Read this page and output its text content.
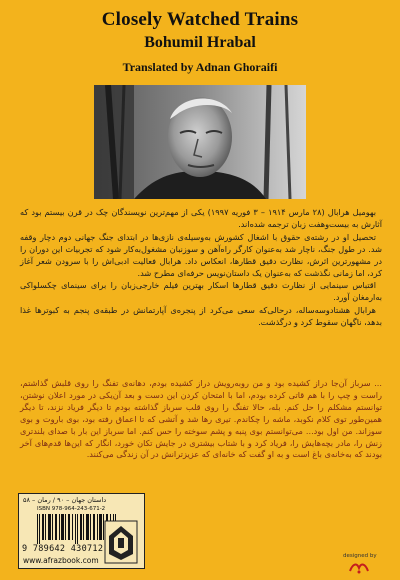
Closely Watched Trains
Bohumil Hrabal
Translated by Adnan Ghoraifi

بهومیل هرابال (۲۸ مارس ۱۹۱۴ – ۳ فوریه ۱۹۹۷) یکی از مهم‌ترین نویسندگان چک در قرن بیستم بود که آثارش به بیست‌وهفت زبان ترجمه شده‌اند.

تحصیل او در رشته‌ی حقوق با اشغال کشورش به‌وسیله‌ی نازی‌ها در ابتدای جنگ جهانی دوم دچار وقفه شد. در طول جنگ، ناچار شد به‌عنوان کارگر راه‌آهن و سوزنبان مشغول‌به‌کار شود که تجربیات این دوران را در مشهورترین اثرش، نظارت دقیق قطارها، انعکاس داد. هرابال فعالیت ادبی‌اش را با سرودن شعر آغاز کرد، اما زمانی نگذشت که به‌عنوان یک داستان‌نویس حرفه‌ای مطرح شد.

اقتباس سینمایی از نظارت دقیق قطارها اسکار بهترین فیلم خارجی‌زبان را برای سینمای چکسلواکی به‌ارمغان آورد.

هرابال هشتادوسه‌ساله، درحالی‌که سعی می‌کرد از پنجره‌ی آپارتمانش در طبقه‌ی پنجم به کبوترها غذا بدهد، ناگهان سقوط کرد و درگذشت.

... سرباز آن‌جا دراز کشیده بود و من روبه‌رویش دراز کشیده بودم، دهانه‌ی تفنگ را روی قلبش گذاشتم، راست و چپ را با هم قاتی کرده بودم، اما با امتحان کردن این دست و بعد آن‌یکی در مورد اعلان نوشتن، توانستم مشکلم را حل کنم. بله، حالا تفنگ را روی قلب سرباز گذاشته بودم تا دیگر فریاد نزند، تا دیگر همین‌طور توی کلام نکوبد، ماشه را چکاندم. تیری رها شد و آتشی که تا اعماق رفته بود، بوی باروت و بوی سوزاند. من اول بود... می‌توانستم بوی پنبه و پشم سوخته را حس کنم. اما سرباز این بار با صدای بلندتری زنش را، مادر بچه‌هایش را، فریاد کرد و با شتاب بیشتری در جایش تکان خورد، انگار که این‌ها قدم‌های آخر بودند که به‌خانه‌ی باغ است و به او گفت که خانه‌ای که عزیزترانش در آن زندگی می‌کنند.
داستان جهان – ۹۰ / رمان – ۵۸
ISBN 978-964-243-671-2
9 789642 430712
www.afrazbook.com	designed by
